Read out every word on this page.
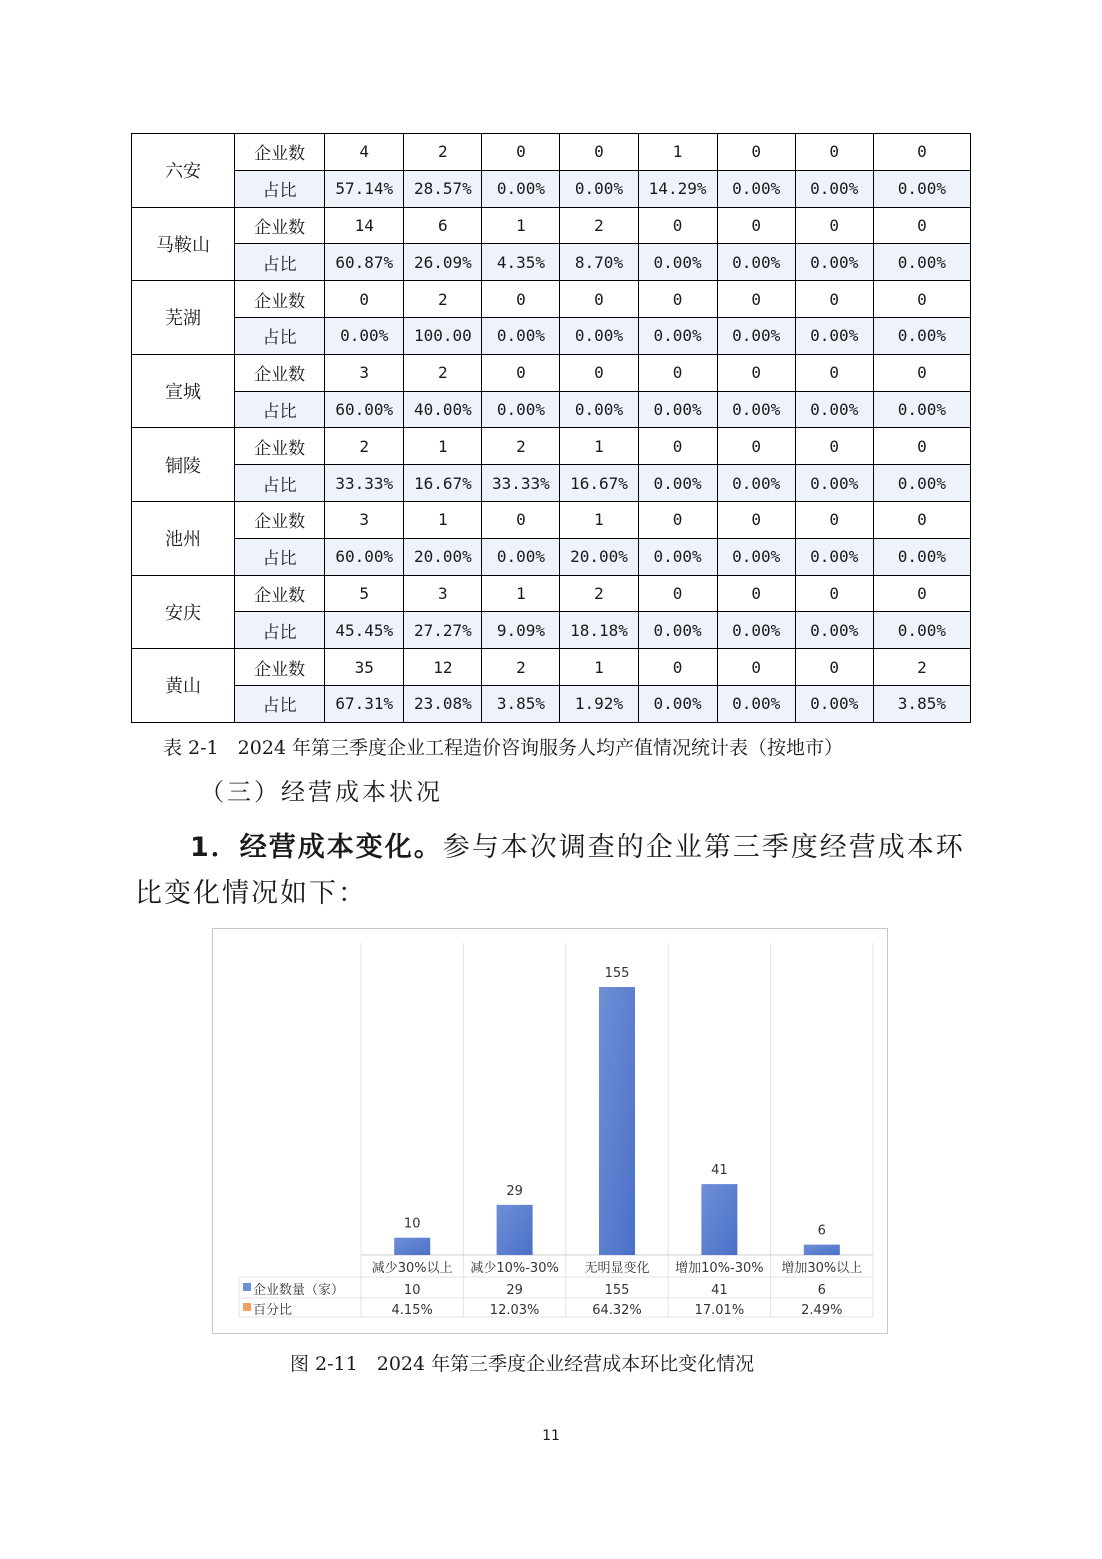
六安	企业数	4	2	0	0	1	0	0	0
	占比	57.14%	28.57%	0.00%	0.00%	14.29%	0.00%	0.00%	0.00%
马鞍山	企业数	14	6	1	2	0	0	0	0
	占比	60.87%	26.09%	4.35%	8.70%	0.00%	0.00%	0.00%	0.00%
芜湖	企业数	0	2	0	0	0	0	0	0
	占比	0.00%	100.00	0.00%	0.00%	0.00%	0.00%	0.00%	0.00%
宣城	企业数	3	2	0	0	0	0	0	0
	占比	60.00%	40.00%	0.00%	0.00%	0.00%	0.00%	0.00%	0.00%
铜陵	企业数	2	1	2	1	0	0	0	0
	占比	33.33%	16.67%	33.33%	16.67%	0.00%	0.00%	0.00%	0.00%
池州	企业数	3	1	0	1	0	0	0	0
	占比	60.00%	20.00%	0.00%	20.00%	0.00%	0.00%	0.00%	0.00%
安庆	企业数	5	3	1	2	0	0	0	0
	占比	45.45%	27.27%	9.09%	18.18%	0.00%	0.00%	0.00%	0.00%
黄山	企业数	35	12	2	1	0	0	0	2
	占比	67.31%	23.08%	3.85%	1.92%	0.00%	0.00%	0.00%	3.85%
表 2-1　2024 年第三季度企业工程造价咨询服务人均产值情况统计表（按地市）
（三）经营成本状况

1．经营成本变化。参与本次调查的企业第三季度经营成本环比变化情况如下：

10
减少30%以上
10
4.15%
29
减少10%-30%
29
12.03%
155
无明显变化
155
64.32%
41
增加10%-30%
41
17.01%
6
增加30%以上
6
2.49%
企业数量（家）
百分比
图 2-11　2024 年第三季度企业经营成本环比变化情况
11
